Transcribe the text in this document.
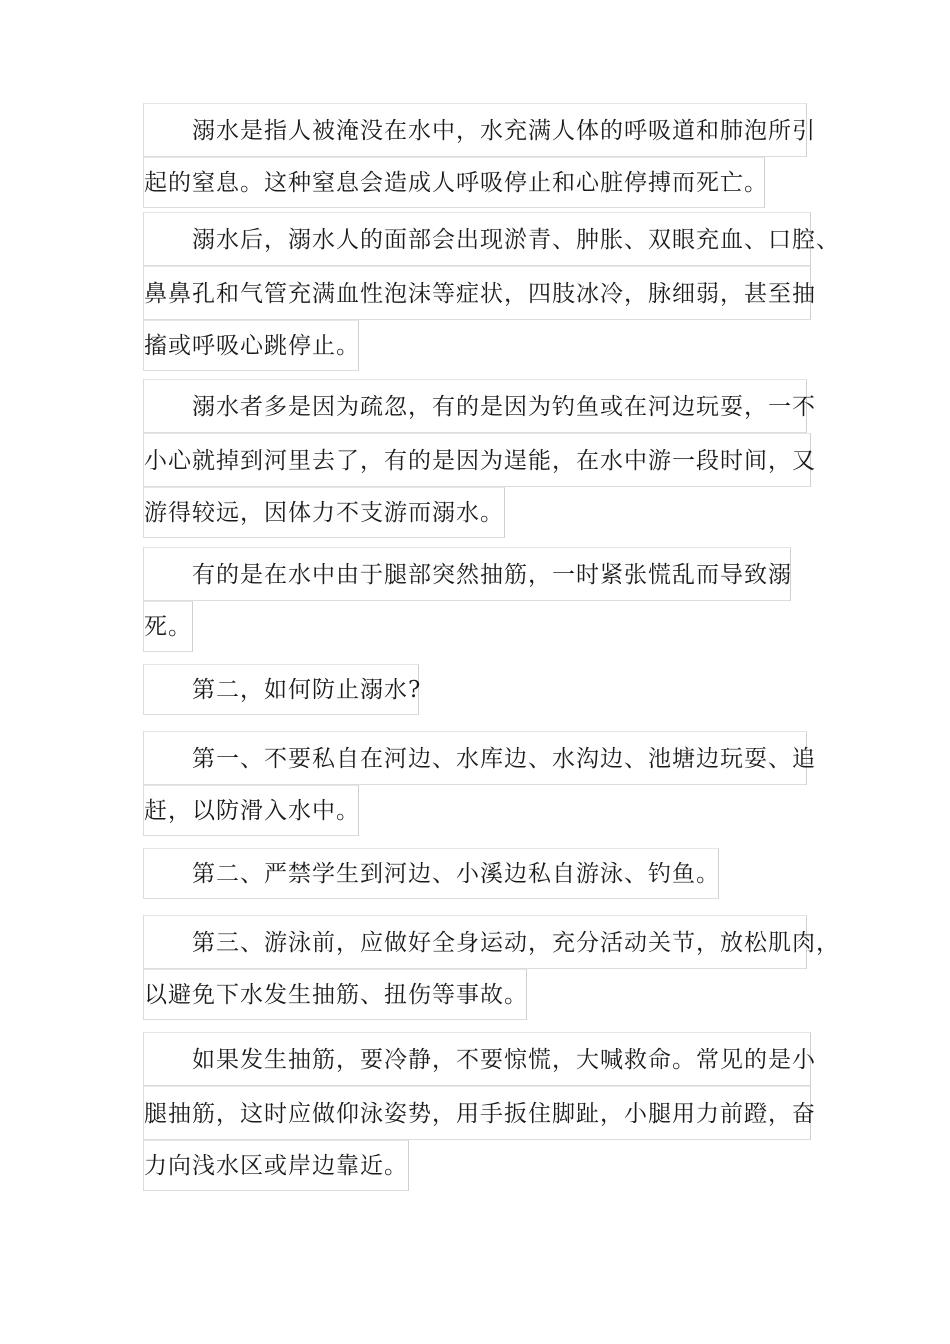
溺水是指人被淹没在水中，水充满人体的呼吸道和肺泡所引
起的窒息。这种窒息会造成人呼吸停止和心脏停搏而死亡。
溺水后，溺水人的面部会出现淤青、肿胀、双眼充血、口腔、
鼻鼻孔和气管充满血性泡沫等症状，四肢冰冷，脉细弱，甚至抽
搐或呼吸心跳停止。
溺水者多是因为疏忽，有的是因为钓鱼或在河边玩耍，一不
小心就掉到河里去了，有的是因为逞能，在水中游一段时间，又
游得较远，因体力不支游而溺水。
有的是在水中由于腿部突然抽筋，一时紧张慌乱而导致溺
死。
第二，如何防止溺水?
第一、不要私自在河边、水库边、水沟边、池塘边玩耍、追
赶，以防滑入水中。
第二、严禁学生到河边、小溪边私自游泳、钓鱼。
第三、游泳前，应做好全身运动，充分活动关节，放松肌肉，
以避免下水发生抽筋、扭伤等事故。
如果发生抽筋，要冷静，不要惊慌，大喊救命。常见的是小
腿抽筋，这时应做仰泳姿势，用手扳住脚趾，小腿用力前蹬，奋
力向浅水区或岸边靠近。
